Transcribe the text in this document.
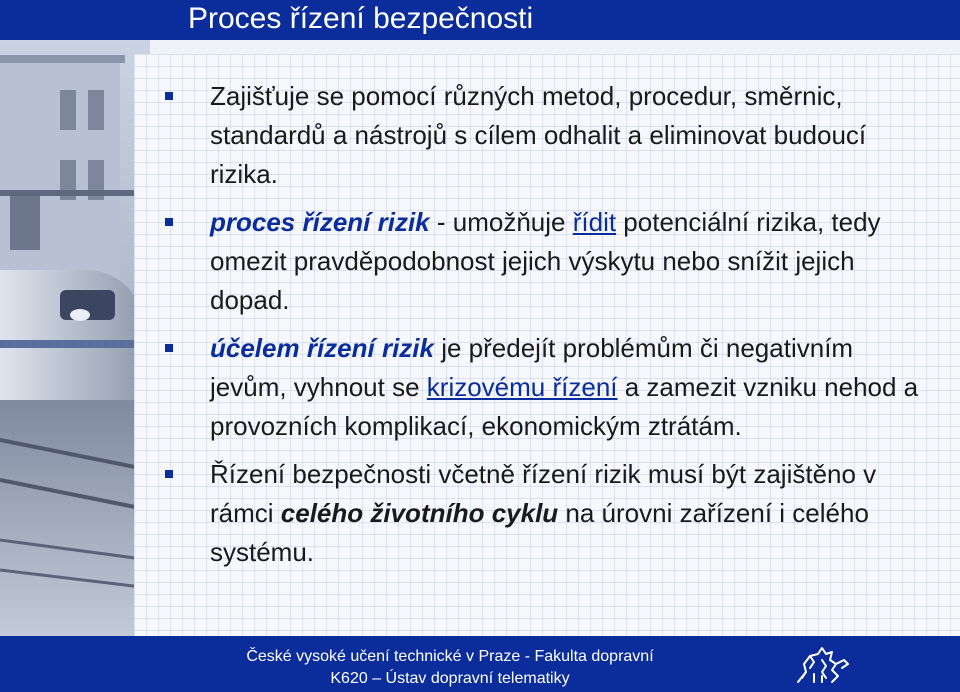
Proces řízení bezpečnosti
Zajišťuje se pomocí různých metod, procedur, směrnic, standardů a nástrojů s cílem odhalit a eliminovat budoucí rizika.
proces řízení rizik - umožňuje řídit potenciální rizika, tedy omezit pravděpodobnost jejich výskytu nebo snížit jejich dopad.
účelem řízení rizik je předejít problémům či negativním jevům, vyhnout se krizovému řízení a zamezit vzniku nehod a provozních komplikací, ekonomickým ztrátám.
Řízení bezpečnosti včetně řízení rizik musí být zajištěno v rámci celého životního cyklu na úrovni zařízení i celého systému.
České vysoké učení technické v Praze - Fakulta dopravní
K620 – Ústav dopravní telematiky
